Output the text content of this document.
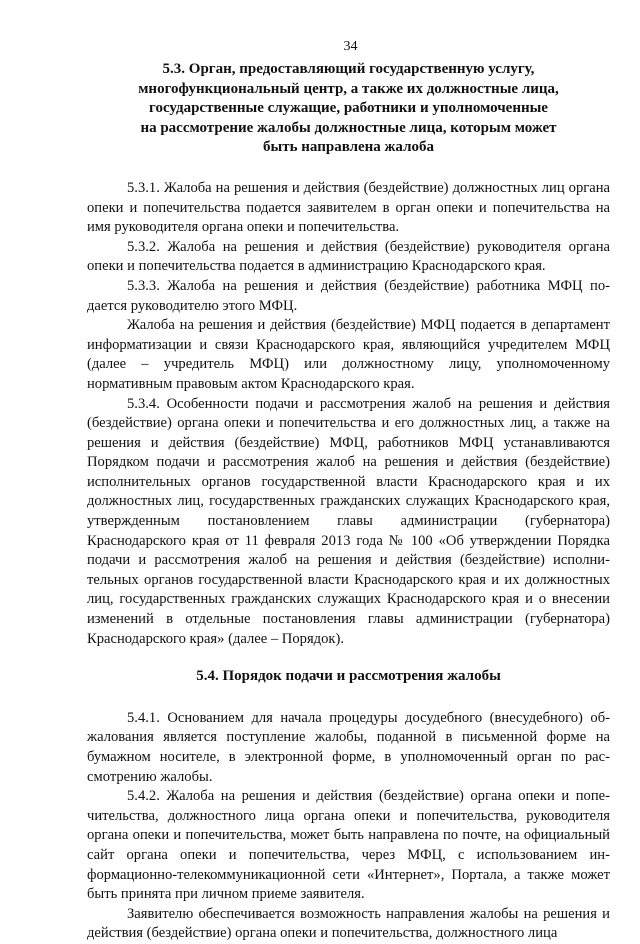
34
5.3. Орган, предоставляющий государственную услугу,
многофункциональный центр, а также их должностные лица,
государственные служащие, работники и уполномоченные
на рассмотрение жалобы должностные лица, которым может
быть направлена жалоба

5.3.1. Жалоба на решения и действия (бездействие) должностных лиц органа опеки и попечительства подается заявителем в орган опеки и попечительства на имя руководителя органа опеки и попечительства.

5.3.2. Жалоба на решения и действия (бездействие) руководителя органа опеки и попечительства подается в администрацию Краснодарского края.

5.3.3. Жалоба на решения и действия (бездействие) работника МФЦ подается руководителю этого МФЦ.

Жалоба на решения и действия (бездействие) МФЦ подается в департамент информатизации и связи Краснодарского края, являющийся учредителем МФЦ (далее – учредитель МФЦ) или должностному лицу, уполномоченному нормативным правовым актом Краснодарского края.

5.3.4. Особенности подачи и рассмотрения жалоб на решения и действия (бездействие) органа опеки и попечительства и его должностных лиц, а также на решения и действия (бездействие) МФЦ, работников МФЦ устанавливаются Порядком подачи и рассмотрения жалоб на решения и действия (бездействие) исполнительных органов государственной власти Краснодарского края и их должностных лиц, государственных гражданских служащих Краснодарского края, утвержденным постановлением главы администрации (губернатора) Краснодарского края от 11 февраля 2013 года № 100 «Об утверждении Порядка подачи и рассмотрения жалоб на решения и действия (бездействие) исполнительных органов государственной власти Краснодарского края и их должностных лиц, государственных гражданских служащих Краснодарского края и о внесении изменений в отдельные постановления главы администрации (губернатора) Краснодарского края» (далее – Порядок).

5.4. Порядок подачи и рассмотрения жалобы

5.4.1. Основанием для начала процедуры досудебного (внесудебного) обжалования является поступление жалобы, поданной в письменной форме на бумажном носителе, в электронной форме, в уполномоченный орган по рассмотрению жалобы.

5.4.2. Жалоба на решения и действия (бездействие) органа опеки и попечительства, должностного лица органа опеки и попечительства, руководителя органа опеки и попечительства, может быть направлена по почте, на официальный сайт органа опеки и попечительства, через МФЦ, с использованием информационно-телекоммуникационной сети «Интернет», Портала, а также может быть принята при личном приеме заявителя.

Заявителю обеспечивается возможность направления жалобы на решения и действия (бездействие) органа опеки и попечительства, должностного лица
